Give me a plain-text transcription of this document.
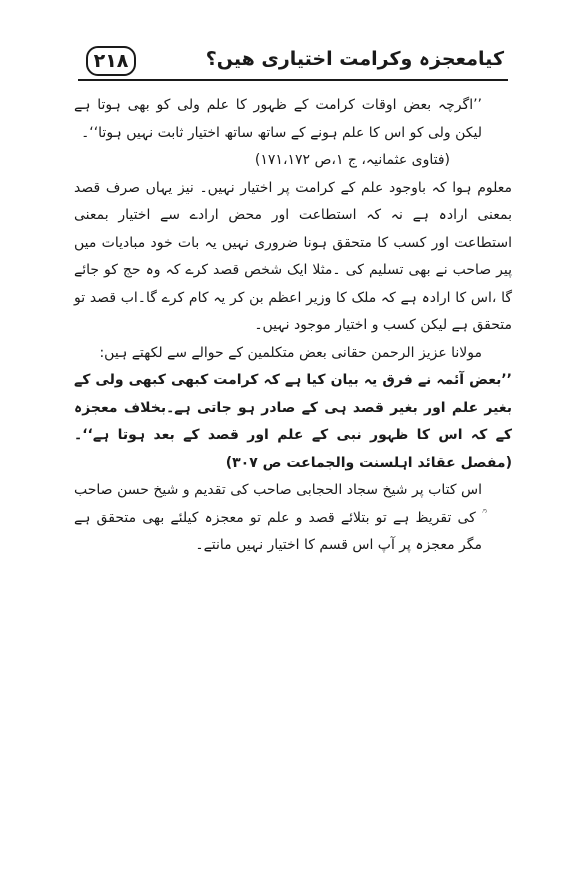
۲۱۸	کیامعجزہ وکرامت اختیاری هیں؟

’’اگرچہ بعض اوقات کرامت کے ظہور کا علم ولی کو بھی ہوتا ہے لیکن ولی کو اس کا علم ہونے کے ساتھ ساتھ اختیار ثابت نہیں ہوتا‘‘۔

(فتاوی عثمانیہ، ج ۱،ص ۱۷۱،۱۷۲)

معلوم ہوا کہ باوجود علم کے کرامت پر اختیار نہیں۔ نیز یہاں صرف قصد بمعنی ارادہ ہے نہ کہ استطاعت اور محض ارادے سے اختیار بمعنی استطاعت اور کسب کا متحقق ہونا ضروری نہیں یہ بات خود مبادیات میں پیر صاحب نے بھی تسلیم کی ۔مثلا ایک شخص قصد کرے کہ وہ حج کو جائے گا ،اس کا ارادہ ہے کہ ملک کا وزیر اعظم بن کر یہ کام کرے گا۔اب قصد تو متحقق ہے لیکن کسب و اختیار موجود نہیں۔

مولانا عزیز الرحمن حقانی بعض متکلمین کے حوالے سے لکھتے ہیں:

’’بعض آئمہ نے فرق یہ بیان کیا ہے کہ کرامت کبھی کبھی ولی کے بغیر علم اور بغیر قصد ہی کے صادر ہو جاتی ہے۔بخلاف معجزہ کے کہ اس کا ظہور نبی کے علم اور قصد کے بعد ہوتا ہے‘‘۔(مفصل عقائد اہلسنت والجماعت ص ۳۰۷)

اس کتاب پر شیخ سجاد الحجابی صاحب کی تقدیم و شیخ حسن صاحب ؒ کی تقریظ ہے تو بتلائے قصد و علم تو معجزہ کیلئے بھی متحقق ہے مگر معجزہ پر آپ اس قسم کا اختیار نہیں مانتے۔
